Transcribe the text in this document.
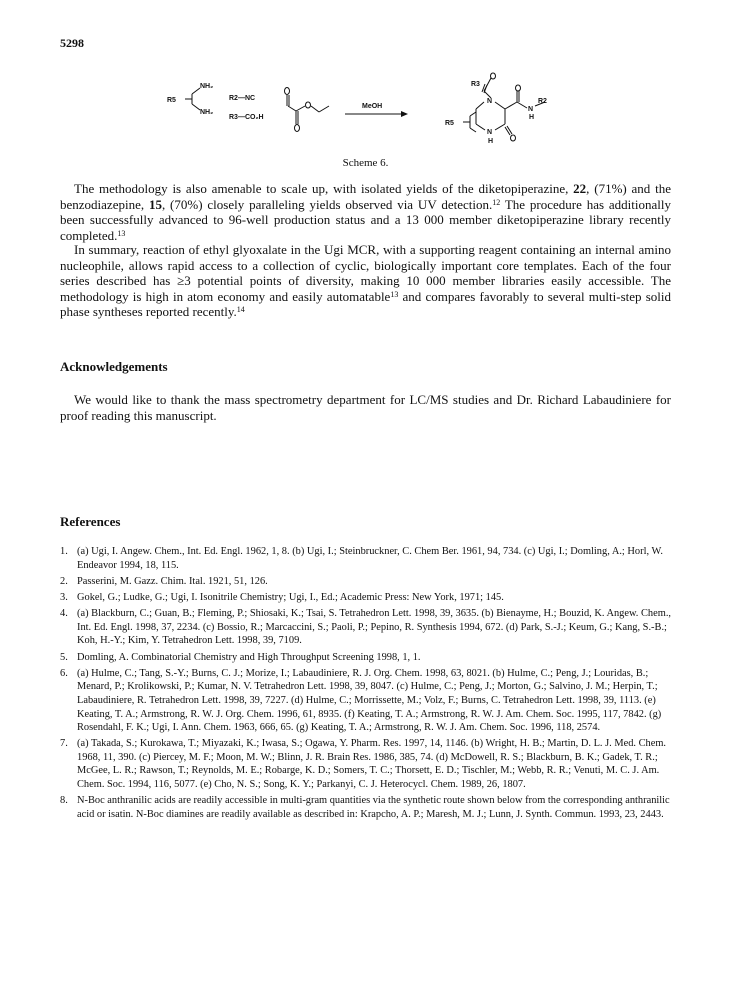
5298
R5
NH₂
NH₂
R2—NC
R3—CO₂H
MeOH
R3
N	R2
N
H
R5
N
H
Scheme 6.

The methodology is also amenable to scale up, with isolated yields of the diketopiperazine, 22, (71%) and the benzodiazepine, 15, (70%) closely paralleling yields observed via UV detection.$^{12}$ The procedure has additionally been successfully advanced to 96-well production status and a 13 000 member diketopiperazine library recently completed.$^{13}$

In summary, reaction of ethyl glyoxalate in the Ugi MCR, with a supporting reagent containing an internal amino nucleophile, allows rapid access to a collection of cyclic, biologically important core templates. Each of the four series described has ≥3 potential points of diversity, making 10 000 member libraries easily accessible. The methodology is high in atom economy and easily automatable$^{13}$ and compares favorably to several multi-step solid phase syntheses reported recently.$^{14}$

Acknowledgements

We would like to thank the mass spectrometry department for LC/MS studies and Dr. Richard Labaudiniere for proof reading this manuscript.

References
1. (a) Ugi, I. Angew. Chem., Int. Ed. Engl. 1962, 1, 8. (b) Ugi, I.; Steinbruckner, C. Chem Ber. 1961, 94, 734. (c) Ugi, I.; Domling, A.; Horl, W. Endeavor 1994, 18, 115.
2. Passerini, M. Gazz. Chim. Ital. 1921, 51, 126.
3. Gokel, G.; Ludke, G.; Ugi, I. Isonitrile Chemistry; Ugi, I., Ed.; Academic Press: New York, 1971; 145.
4. (a) Blackburn, C.; Guan, B.; Fleming, P.; Shiosaki, K.; Tsai, S. Tetrahedron Lett. 1998, 39, 3635. (b) Bienayme, H.; Bouzid, K. Angew. Chem., Int. Ed. Engl. 1998, 37, 2234. (c) Bossio, R.; Marcaccini, S.; Paoli, P.; Pepino, R. Synthesis 1994, 672. (d) Park, S.-J.; Keum, G.; Kang, S.-B.; Koh, H.-Y.; Kim, Y. Tetrahedron Lett. 1998, 39, 7109.
5. Domling, A. Combinatorial Chemistry and High Throughput Screening 1998, 1, 1.
6. (a) Hulme, C.; Tang, S.-Y.; Burns, C. J.; Morize, I.; Labaudiniere, R. J. Org. Chem. 1998, 63, 8021. (b) Hulme, C.; Peng, J.; Louridas, B.; Menard, P.; Krolikowski, P.; Kumar, N. V. Tetrahedron Lett. 1998, 39, 8047. (c) Hulme, C.; Peng, J.; Morton, G.; Salvino, J. M.; Herpin, T.; Labaudiniere, R. Tetrahedron Lett. 1998, 39, 7227. (d) Hulme, C.; Morrissette, M.; Volz, F.; Burns, C. Tetrahedron Lett. 1998, 39, 1113. (e) Keating, T. A.; Armstrong, R. W. J. Org. Chem. 1996, 61, 8935. (f) Keating, T. A.; Armstrong, R. W. J. Am. Chem. Soc. 1995, 117, 7842. (g) Rosendahl, F. K.; Ugi, I. Ann. Chem. 1963, 666, 65. (g) Keating, T. A.; Armstrong, R. W. J. Am. Chem. Soc. 1996, 118, 2574.
7. (a) Takada, S.; Kurokawa, T.; Miyazaki, K.; Iwasa, S.; Ogawa, Y. Pharm. Res. 1997, 14, 1146. (b) Wright, H. B.; Martin, D. L. J. Med. Chem. 1968, 11, 390. (c) Piercey, M. F.; Moon, M. W.; Blinn, J. R. Brain Res. 1986, 385, 74. (d) McDowell, R. S.; Blackburn, B. K.; Gadek, T. R.; McGee, L. R.; Rawson, T.; Reynolds, M. E.; Robarge, K. D.; Somers, T. C.; Thorsett, E. D.; Tischler, M.; Webb, R. R.; Venuti, M. C. J. Am. Chem. Soc. 1994, 116, 5077. (e) Cho, N. S.; Song, K. Y.; Parkanyi, C. J. Heterocycl. Chem. 1989, 26, 1807.
8. N-Boc anthranilic acids are readily accessible in multi-gram quantities via the synthetic route shown below from the corresponding anthranilic acid or isatin. N-Boc diamines are readily available as described in: Krapcho, A. P.; Maresh, M. J.; Lunn, J. Synth. Commun. 1993, 23, 2443.
